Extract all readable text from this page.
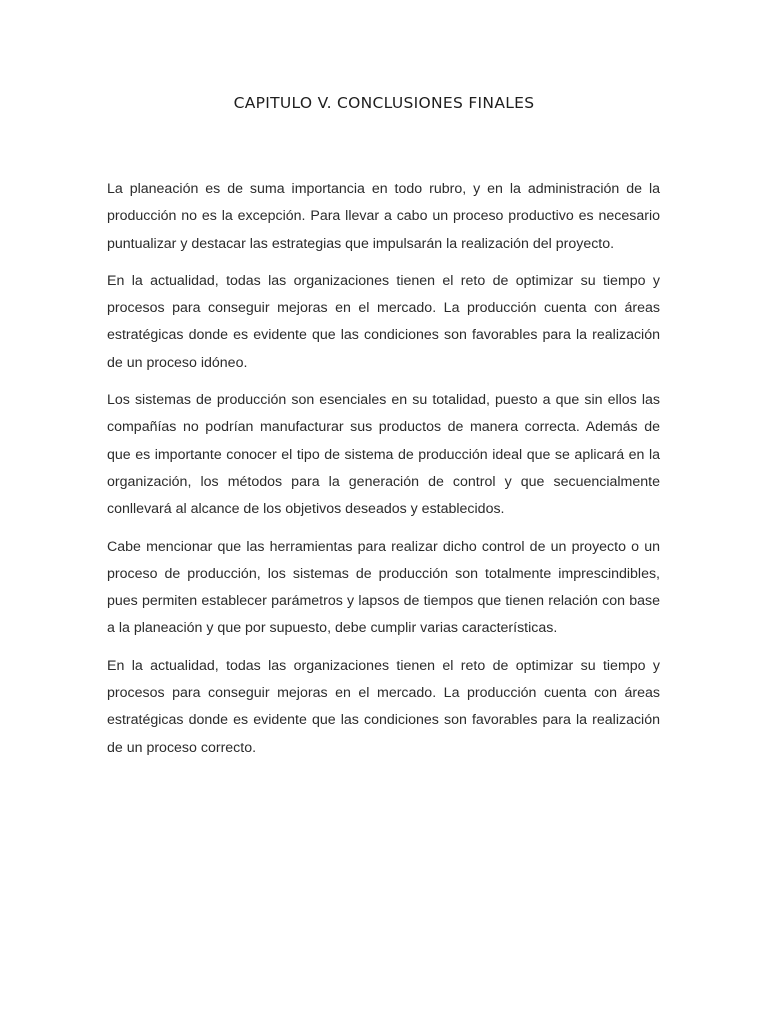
CAPITULO V. CONCLUSIONES FINALES

La planeación es de suma importancia en todo rubro, y en la administración de la producción no es la excepción. Para llevar a cabo un proceso productivo es necesario puntualizar y destacar las estrategias que impulsarán la realización del proyecto.

En la actualidad, todas las organizaciones tienen el reto de optimizar su tiempo y procesos para conseguir mejoras en el mercado. La producción cuenta con áreas estratégicas donde es evidente que las condiciones son favorables para la realización de un proceso idóneo.

Los sistemas de producción son esenciales en su totalidad, puesto a que sin ellos las compañías no podrían manufacturar sus productos de manera correcta. Además de que es importante conocer el tipo de sistema de producción ideal que se aplicará en la organización, los métodos para la generación de control y que secuencialmente conllevará al alcance de los objetivos deseados y establecidos.

Cabe mencionar que las herramientas para realizar dicho control de un proyecto o un proceso de producción, los sistemas de producción son totalmente imprescindibles, pues permiten establecer parámetros y lapsos de tiempos que tienen relación con base a la planeación y que por supuesto, debe cumplir varias características.

En la actualidad, todas las organizaciones tienen el reto de optimizar su tiempo y procesos para conseguir mejoras en el mercado. La producción cuenta con áreas estratégicas donde es evidente que las condiciones son favorables para la realización de un proceso correcto.
